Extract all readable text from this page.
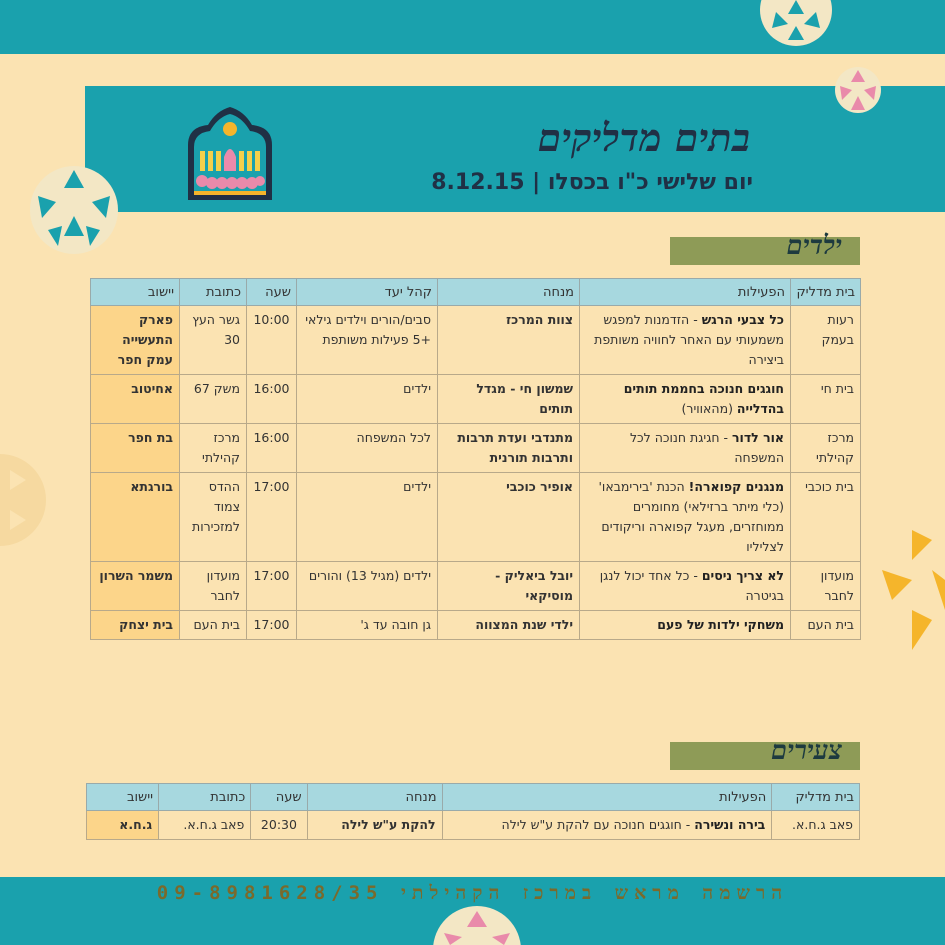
בתים מדליקים
יום שלישי כ"ו בכסלו | 8.12.15
ילדים
בית מדליק	הפעילות	מנחה	קהל יעד	שעה	כתובת	יישוב
רעות בעמק	כל צבעי הרגש - הזדמנות למפגש משמעותי עם האחר לחוויה משותפת ביצירה	צוות המרכז	סבים/הורים וילדים גילאי +5 פעילות משותפת	10:00	גשר העץ 30	פארק התעשייה עמק חפר
בית חי	חוגגים חנוכה בחממת תותים בהדלייה (מהאוויר)	שמשון חי - מגדל תותים	ילדים	16:00	משק 67	אחיטוב
מרכז קהילתי	אור לדור - חגיגת חנוכה לכל המשפחה	מתנדבי ועדת תרבות ותרבות תורנית	לכל המשפחה	16:00	מרכז קהילתי	בת חפר
בית כוכבי	מנגנים קפוארה! הכנת 'בירימבאו' (כלי מיתר ברזילאי) מחומרים ממוחזרים, מעגל קפוארה וריקודים לצליליו	אופיר כוכבי	ילדים	17:00	ההדס צמוד למזכירות	בורגתא
מועדון לחבר	לא צריך ניסים - כל אחד יכול לנגן בגיטרה	יובל ביאליק - מוסיקאי	ילדים (מגיל 13) והורים	17:00	מועדון לחבר	משמר השרון
בית העם	משחקי ילדות של פעם	ילדי שנת המצווה	גן חובה עד ג'	17:00	בית העם	בית יצחק
צעירים
בית מדליק	הפעילות	מנחה	שעה	כתובת	יישוב
פאב ג.ח.א.	בירה ונשירה - חוגגים חנוכה עם להקת ע"ש לילה	להקת ע"ש לילה	20:30	פאב ג.ח.א.	ג.ח.א
הרשמה מראש במרכז הקהילתי 09-8981628/35
